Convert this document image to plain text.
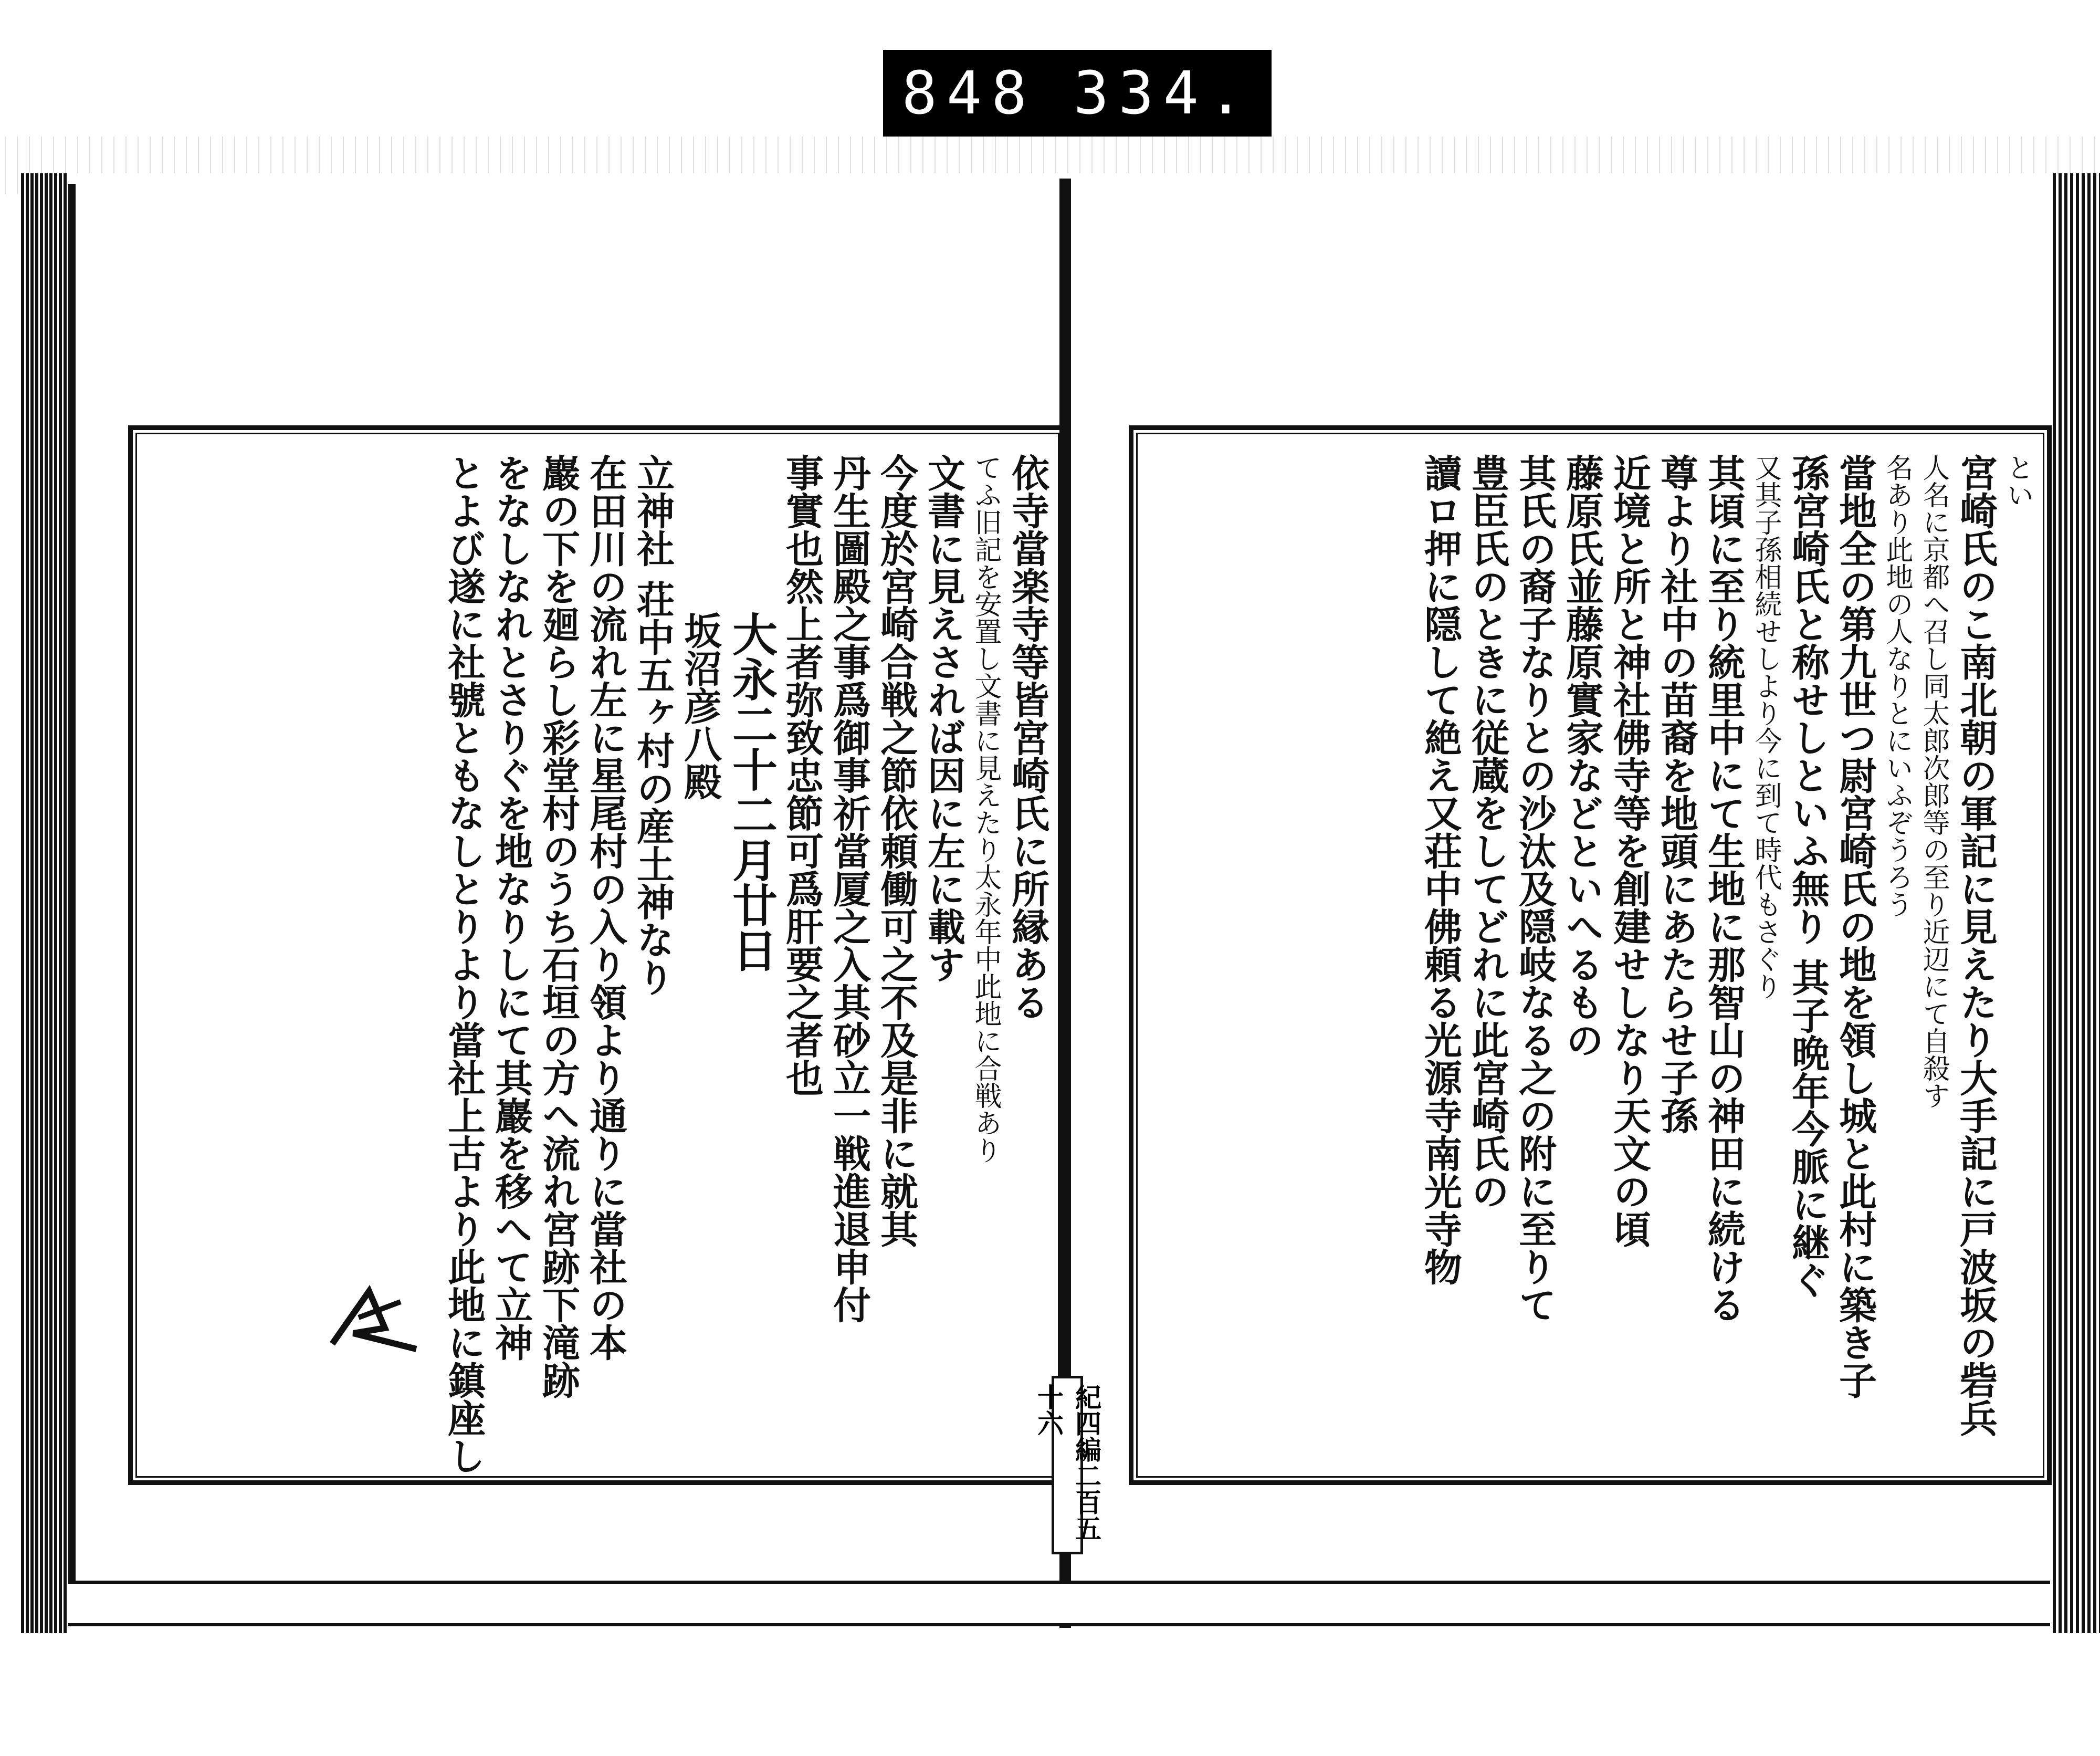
848 334.
依寺當楽寺等皆宮崎氏に所縁ある
てふ旧記を安置し文書に見えたり太永年中此地に合戦あり
文書に見えされば因に左に載す
今度於宮崎合戦之節依頼働可之不及是非に就其
丹生圖殿之事爲御事祈當厦之入其砂立一戦進退申付
事實也然上者弥致忠節可爲肝要之者也
大永二十二月廿日
坂沼彦八殿
立神社 荘中五ヶ村の産土神なり
在田川の流れ左に星尾村の入り領より通りに當社の本
巖の下を廻らし彩堂村のうち石垣の方へ流れ宮跡下滝跡
をなしなれとさりぐを地なりしにて其巖を移へて立神
とよび遂に社號ともなしとりより當社上古より此地に鎮座し	とい
宮崎氏のこ南北朝の軍記に見えたり大手記に戸波坂の砦兵
人名に京都へ召し同太郎次郎等の至り近辺にて自殺す
名あり此地の人なりとにいふぞうろう
當地全の第九世つ尉宮崎氏の地を領し城と此村に築き子
孫宮崎氏と称せしといふ無り 其子晩年今脈に継ぐ
又其子孫相続せしより今に到て時代もさぐり
其頃に至り統里中にて生地に那智山の神田に続ける
尊より社中の苗裔を地頭にあたらせ子孫
近境と所と神社佛寺等を創建せしなり天文の頃
藤原氏並藤原實家などといへるもの
其氏の裔子なりとの沙汰及隠岐なる之の附に至りて
豊臣氏のときに従蔵をしてどれに此宮崎氏の
讀ロ押に隠して絶え又荘中佛頼る光源寺南光寺物
